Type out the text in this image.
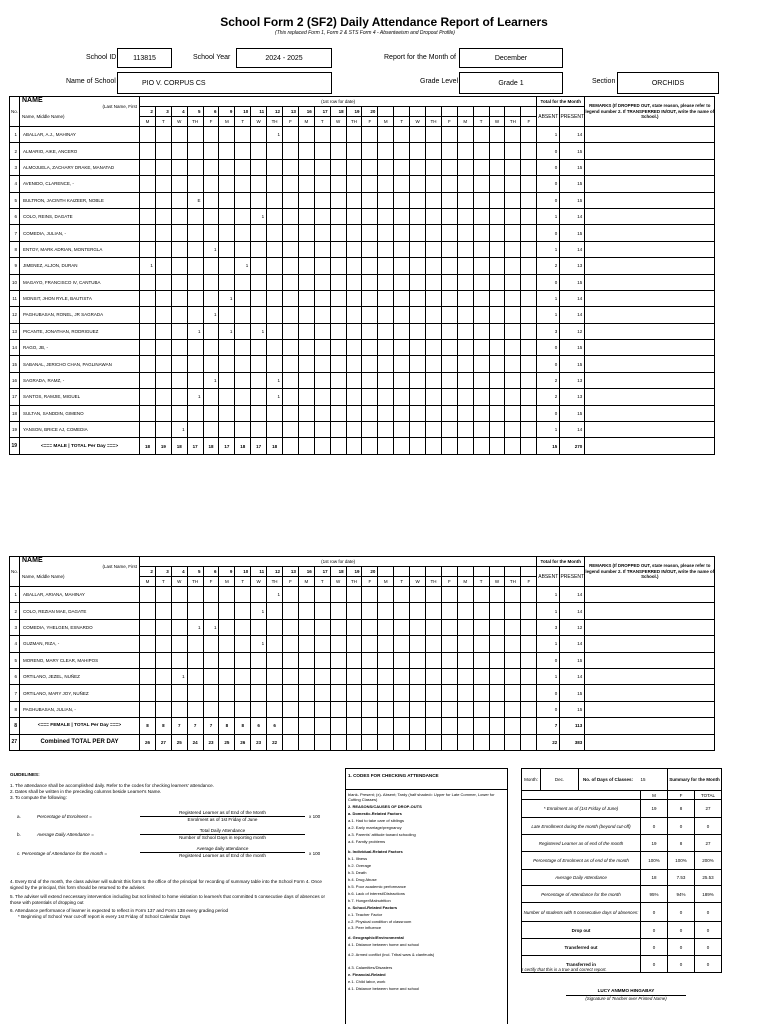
School Form 2 (SF2) Daily Attendance Report of Learners
(This replaced Form 1, Form 2 & STS Form 4 - Absenteeism and Dropout Profile)
School ID	113815	School Year	2024 - 2025	Report for the Month of	December
Name of School	PIO V. CORPUS CS	Grade Level	Grade 1	Section	ORCHIDS
No.	NAME
(Last Name, First
Name, Middle Name)	(1st row for date)																									Total for the Month		REMARKS (If DROPPED OUT, state reason, please refer to legend number 2. If TRANSFERRED IN/OUT, write the name of School.)
		2	3	4	5	6	9	10	11	12	13	16	17	18	19	20											ABSENT	PRESENT	
		M	T	W	TH	F	M	T	W	TH	F	M	T	W	TH	F	M	T	W	TH	F	M	T	W	TH	F			
1	ABALLAR, A.J., MAHINAY									1																	1	14	
2	ALMARIO, AIKE, ANCERO																										0	15	
3	ALMOJUELA, ZACHARY DRAKE, MANATAD																										0	15	
4	AVENIDO, CLARENCE, -																										0	15	
5	BULTRON, JACINTH KAIZEER, NOBLE				E																						0	15	
6	COLO, REINS, DAGATE								1																		1	14	
7	COMEDIA, JULIAN, -																										0	15	
8	ENTOY, MARK ADRIAN, MONTERGLA					1																					1	14	
9	JIMENEZ, ALJON, DURAN	1						1																			2	13	
10	MAGAYO, FRANCISCO IV, CANTUBA																										0	15	
11	MONSIT, JHON RYLE, BAUTISTA						1																				1	14	
12	PAGHUBASAN, RONEL, JR SAGRADA					1																					1	14	
13	PICANTE, JONATHAN, RODRIGUEZ				1		1		1																		3	12	
14	RAGO, JB, -																										0	15	
15	SABANAL, JERICHO CHAN, PAGLINAWAN																										0	15	
16	SAGRADA, RAMZ, -					1				1																	2	13	
17	SANTOS, RAMJIE, MIGUEL				1					1																	2	13	
18	SULTAN, SANDDIN, GIMENO																										0	15	
19	YANSON, BRICE AJ, COMEDIA			1																							1	14	
19	<=== MALE | TOTAL Per Day ===>	18	19	18	17	18	17	18	17	18																	15	270	
No.	NAME
(Last Name, First
Name, Middle Name)	(1st row for date)																									Total for the Month		REMARKS (If DROPPED OUT, state reason, please refer to legend number 2. If TRANSFERRED IN/OUT, write the name of School.)
		2	3	4	5	6	9	10	11	12	13	16	17	18	19	20											ABSENT	PRESENT	
		M	T	W	TH	F	M	T	W	TH	F	M	T	W	TH	F	M	T	W	TH	F	M	T	W	TH	F			
1	ABALLAR, ARIANA, MAHINAY									1																	1	14	
2	COLO, REZIAN MAE, DAGATE								1																		1	14	
3	COMEDIA, YHELGEN, ESNARDO				1	1																					3	12	
4	GUZMAN, RIZA, -								1																		1	14	
5	MORENO, MARY CLEAR, MAHIPOS																										0	15	
6	ORTILANO, JEZEL, NUÑEZ			1																							1	14	
7	ORTILANO, MARY JOY, NUÑEZ																										0	15	
8	PAGHUBASAN, JULIAN, -																										0	15	
8	<=== FEMALE | TOTAL Per Day ===>	8	8	7	7	7	8	8	6	6																	7	113	
27	Combined TOTAL PER DAY	26	27	25	24	23	25	26	23	22																	22	383	
GUIDELINES:
1. The attendance shall be accomplished daily. Refer to the codes for checking learners' attendance.
2. Dates shall be written in the preceding columns beside Learner's Name.
3. To compute the following:
a.	Percentage of Enrolment =
Registered Learner as of End of the Month
Enrolment as of 1st Friday of June
x 100
b.	Average Daily Attendance =
Total Daily Attendance
Number of School Days in reporting month
c. Percentage of Attendance for the month =
Average daily attendance
Registered Learner as of End of the month	x 100
4. Every End of the month, the class adviser will submit this form to the office of the principal for recording of summary table into the School Form 4. Once signed by the principal, this form should be returned to the adviser.
5. The adviser will extend neccessary intervention including but not limited to home visitation to learner/s that committed 5 consecutive days of absences or those with potentials of dropping out
6. Attendance performance of learner is expected to reflect in Form 137 and Form 138 every grading period
* Beginning of School Year cut-off report is every 1st Friday of School Calendar Days
1. CODES FOR CHECKING ATTENDANCE
blank- Present; (x)- Absent; Tardy (half shaded= Upper for Late Commer, Lower for Cutting Classes)
2. REASONS/CAUSES OF DROP-OUTS
a. Domestic-Related Factors
a.1. Had to take care of siblings
a.2. Early marriage/pregnancy
a.3. Parents' attitude toward schooling
a.4. Family problems
b. Individual-Related Factors
b.1. Illness
b.2. Overage
b.3. Death
b.4. Drug Abuse
b.5. Poor academic performance
b.6. Lack of interest/Distractions
b.7. Hunger/Malnutrition
c. School-Related Factors
c.1. Teacher Factor
c.2. Physical condition of classroom
c.3. Peer influence
d. Geographic/Environmental
d.1. Distance between home and school
d.2. Armed conflict (incl. Tribal wars & clanfeuds)
d.3. Calamities/Disasters
e. Financial-Related
e.1. Child labor, work
d.1. Distance between home and school
Month:	Dec.	No. of Days of Classes:	15	Summary for the Month	
			M	F	TOTAL
* Enrolment as of (1st Friday of June)			19	8	27
Late Enrollment during the month (beyond cut-off)			0	0	0
Registered Learner as of end of the month			19	8	27
Percentage of Enrolment as of end of the month			100%	100%	200%
Average Daily Attendance			18	7.53	25.53
Percentage of Attendance for the month			95%	94%	189%
Number of students with 5 consecutive days of absences:			0	0	0
Drop out			0	0	0
Transferred out			0	0	0
Transferred in			0	0	0
I certify that this is a true and correct report.
LUCY ANMMO HINGABAY
(Signature of Teacher over Printed Name)
